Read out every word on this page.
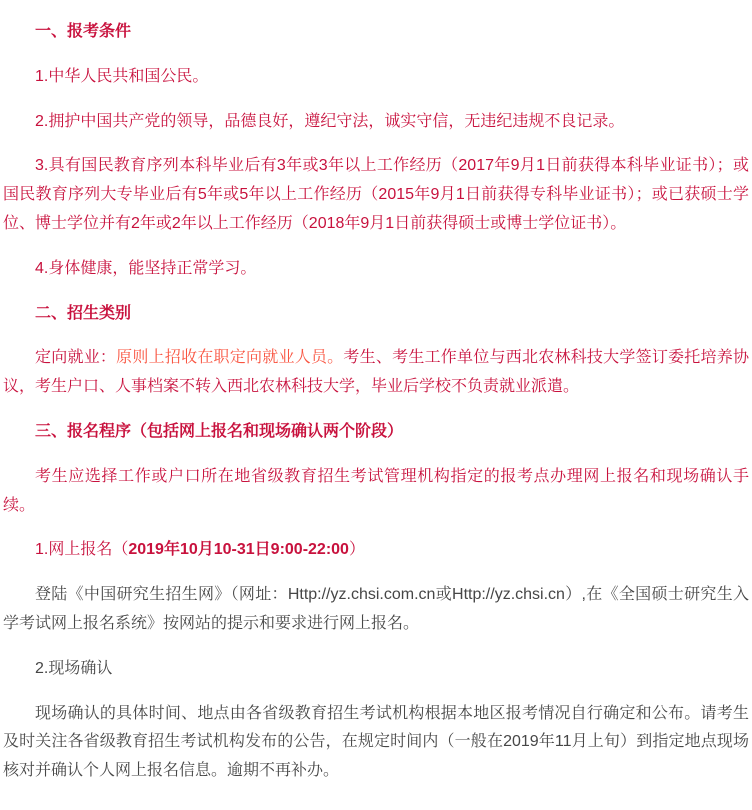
一、报考条件

1.中华人民共和国公民。

2.拥护中国共产党的领导，品德良好，遵纪守法，诚实守信，无违纪违规不良记录。

3.具有国民教育序列本科毕业后有3年或3年以上工作经历（2017年9月1日前获得本科毕业证书）；或国民教育序列大专毕业后有5年或5年以上工作经历（2015年9月1日前获得专科毕业证书）；或已获硕士学位、博士学位并有2年或2年以上工作经历（2018年9月1日前获得硕士或博士学位证书）。

4.身体健康，能坚持正常学习。

二、招生类别

定向就业：原则上招收在职定向就业人员。考生、考生工作单位与西北农林科技大学签订委托培养协议，考生户口、人事档案不转入西北农林科技大学，毕业后学校不负责就业派遣。

三、报名程序（包括网上报名和现场确认两个阶段）

考生应选择工作或户口所在地省级教育招生考试管理机构指定的报考点办理网上报名和现场确认手续。

1.网上报名（2019年10月10-31日9:00-22:00）

登陆《中国研究生招生网》（网址：Http://yz.chsi.com.cn或Http://yz.chsi.cn）,在《全国硕士研究生入学考试网上报名系统》按网站的提示和要求进行网上报名。

2.现场确认

现场确认的具体时间、地点由各省级教育招生考试机构根据本地区报考情况自行确定和公布。请考生及时关注各省级教育招生考试机构发布的公告，在规定时间内（一般在2019年11月上旬）到指定地点现场核对并确认个人网上报名信息。逾期不再补办。
